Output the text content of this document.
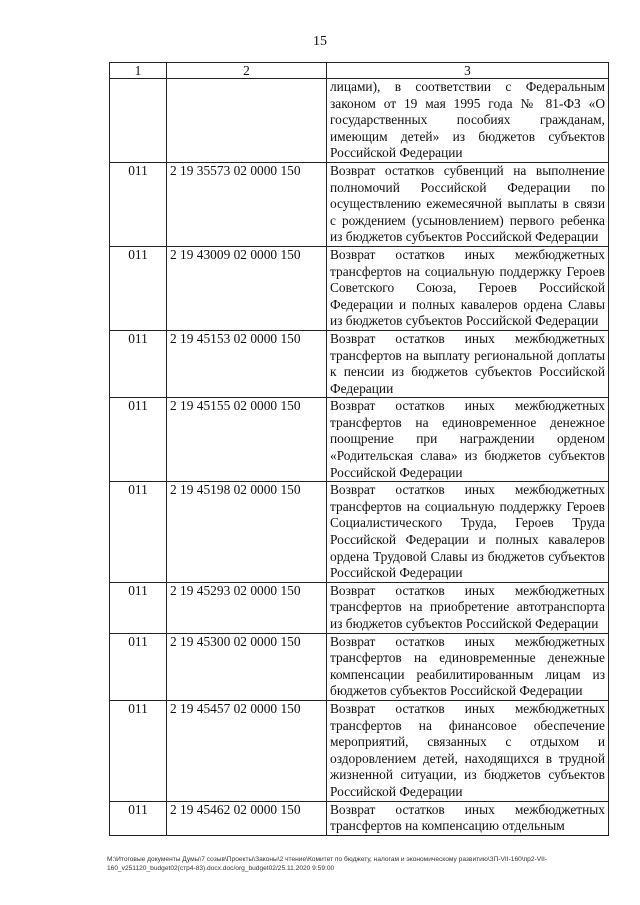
15
1	2	3
		лицами), в соответствии с Федеральным законом от 19 мая 1995 года № 81-ФЗ «О государственных пособиях гражданам, имеющим детей» из бюджетов субъектов Российской Федерации
011	2 19 35573 02 0000 150	Возврат остатков субвенций на выполнение полномочий Российской Федерации по осуществлению ежемесячной выплаты в связи с рождением (усыновлением) первого ребенка из бюджетов субъектов Российской Федерации
011	2 19 43009 02 0000 150	Возврат остатков иных межбюджетных трансфертов на социальную поддержку Героев Советского Союза, Героев Российской Федерации и полных кавалеров ордена Славы из бюджетов субъектов Российской Федерации
011	2 19 45153 02 0000 150	Возврат остатков иных межбюджетных трансфертов на выплату региональной доплаты к пенсии из бюджетов субъектов Российской Федерации
011	2 19 45155 02 0000 150	Возврат остатков иных межбюджетных трансфертов на единовременное денежное поощрение при награждении орденом «Родительская слава» из бюджетов субъектов Российской Федерации
011	2 19 45198 02 0000 150	Возврат остатков иных межбюджетных трансфертов на социальную поддержку Героев Социалистического Труда, Героев Труда Российской Федерации и полных кавалеров ордена Трудовой Славы из бюджетов субъектов Российской Федерации
011	2 19 45293 02 0000 150	Возврат остатков иных межбюджетных трансфертов на приобретение автотранспорта из бюджетов субъектов Российской Федерации
011	2 19 45300 02 0000 150	Возврат остатков иных межбюджетных трансфертов на единовременные денежные компенсации реабилитированным лицам из бюджетов субъектов Российской Федерации
011	2 19 45457 02 0000 150	Возврат остатков иных межбюджетных трансфертов на финансовое обеспечение мероприятий, связанных с отдыхом и оздоровлением детей, находящихся в трудной жизненной ситуации, из бюджетов субъектов Российской Федерации
011	2 19 45462 02 0000 150	Возврат остатков иных межбюджетных трансфертов на компенсацию отдельным
М:\Итоговые документы Думы\7 созыв\Проекты\Законы\2 чтение\Комитет по бюджету, налогам и экономическому развитию\ЗП-VII-160\пр2-VII-
160_v251120_budget02(стр4-83).docx.doc/org_budget02/25.11.2020 9:59:00
